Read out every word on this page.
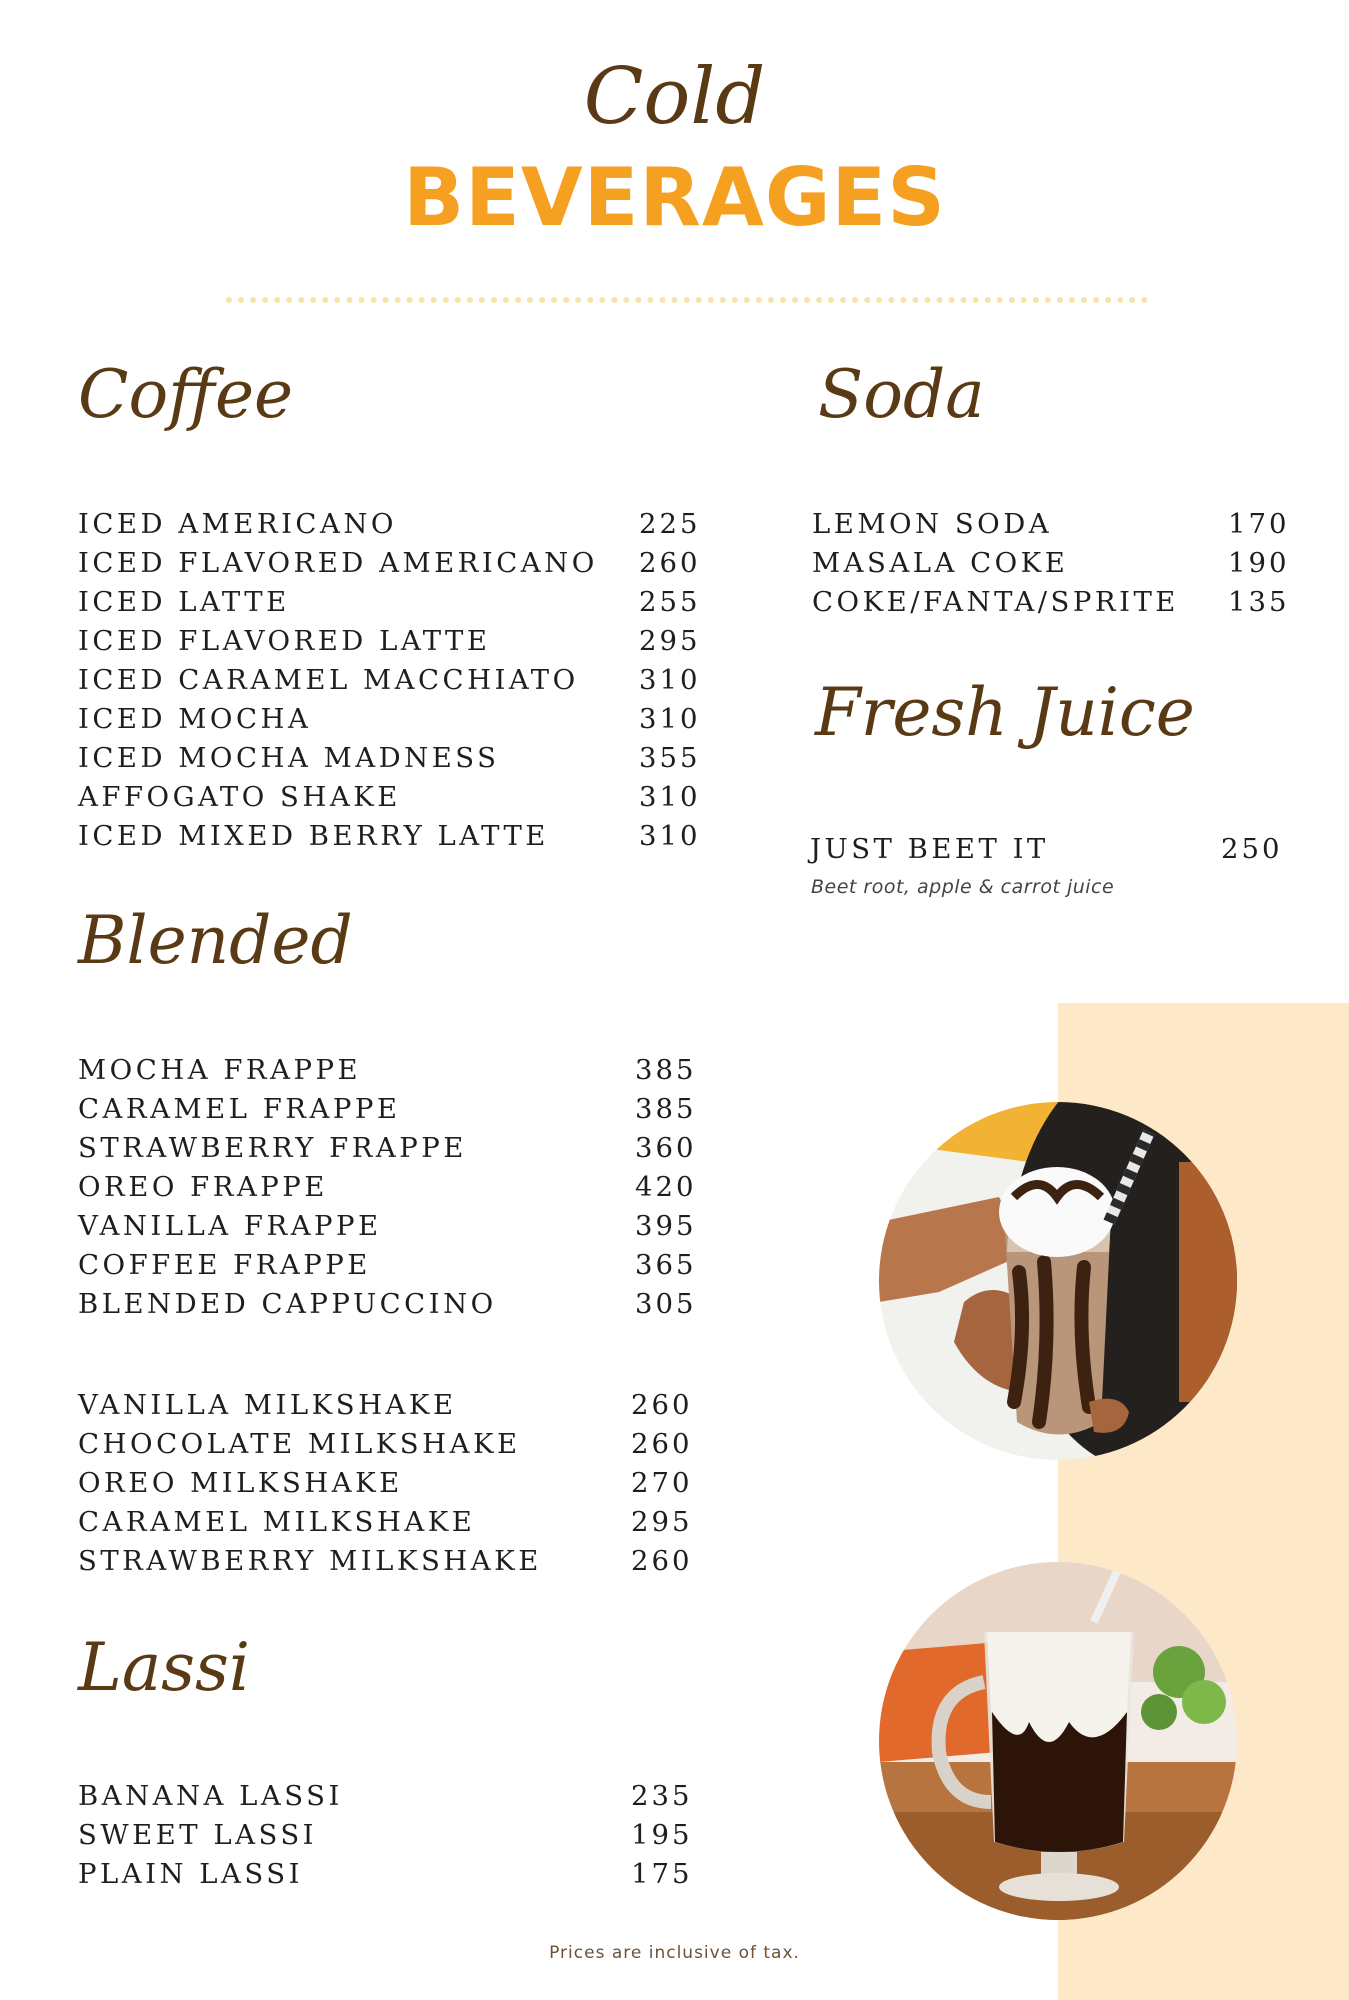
Cold
BEVERAGES
Coffee
ICED AMERICANO	225
ICED FLAVORED AMERICANO 260
ICED LATTE	255
ICED FLAVORED LATTE	295
ICED CARAMEL MACCHIATO 310
ICED MOCHA	310
ICED MOCHA MADNESS	355
AFFOGATO SHAKE	310
ICED MIXED BERRY LATTE	310
Soda
LEMON SODA	170
MASALA COKE	190
COKE/FANTA/SPRITE 135
Fresh Juice
JUST BEET IT	250
Beet root, apple & carrot juice
Blended
MOCHA FRAPPE	385
CARAMEL FRAPPE	385
STRAWBERRY FRAPPE	360
OREO FRAPPE	420
VANILLA FRAPPE	395
COFFEE FRAPPE	365
BLENDED CAPPUCCINO	305
VANILLA MILKSHAKE	260
CHOCOLATE MILKSHAKE	260
OREO MILKSHAKE	270
CARAMEL MILKSHAKE	295
STRAWBERRY MILKSHAKE	260
Lassi
BANANA LASSI	235
SWEET LASSI	195
PLAIN LASSI	175
Prices are inclusive of tax.
